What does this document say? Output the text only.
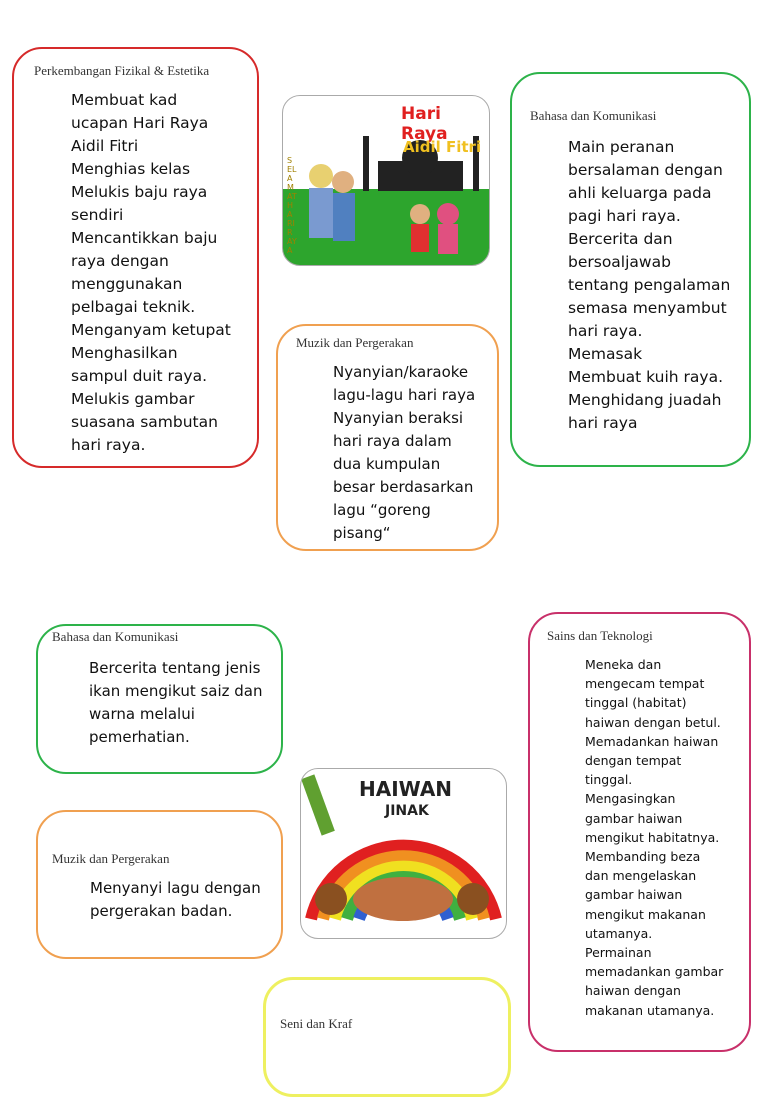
Perkembangan Fizikal & Estetika
Membuat kad
ucapan Hari Raya
Aidil Fitri
Menghias kelas
Melukis baju raya
sendiri
Mencantikkan baju
raya dengan
menggunakan
pelbagai teknik.
Menganyam ketupat
Menghasilkan
sampul duit raya.
Melukis gambar
suasana sambutan
hari raya.
Hari Raya
Aidil Fitri
SELAMAT HARI RAYA
Bahasa dan Komunikasi
Main peranan
bersalaman dengan
ahli keluarga pada
pagi hari raya.
Bercerita dan
bersoaljawab
tentang pengalaman
semasa menyambut
hari raya.
Memasak
Membuat kuih raya.
Menghidang juadah
hari raya
Muzik dan Pergerakan
Nyanyian/karaoke
lagu-lagu hari raya
Nyanyian beraksi
hari raya dalam
dua kumpulan
besar berdasarkan
lagu “goreng
pisang“
Bahasa dan Komunikasi
Bercerita tentang jenis
ikan mengikut saiz dan
warna melalui
pemerhatian.
Muzik dan Pergerakan
Menyanyi lagu dengan
pergerakan badan.
HAIWAN
JINAK
Sains dan Teknologi
Meneka dan
mengecam tempat
tinggal (habitat)
haiwan dengan betul.
Memadankan haiwan
dengan tempat
tinggal.
Mengasingkan
gambar haiwan
mengikut habitatnya.
Membanding beza
dan mengelaskan
gambar haiwan
mengikut makanan
utamanya.
Permainan
memadankan gambar
haiwan dengan
makanan utamanya.
Seni dan Kraf
